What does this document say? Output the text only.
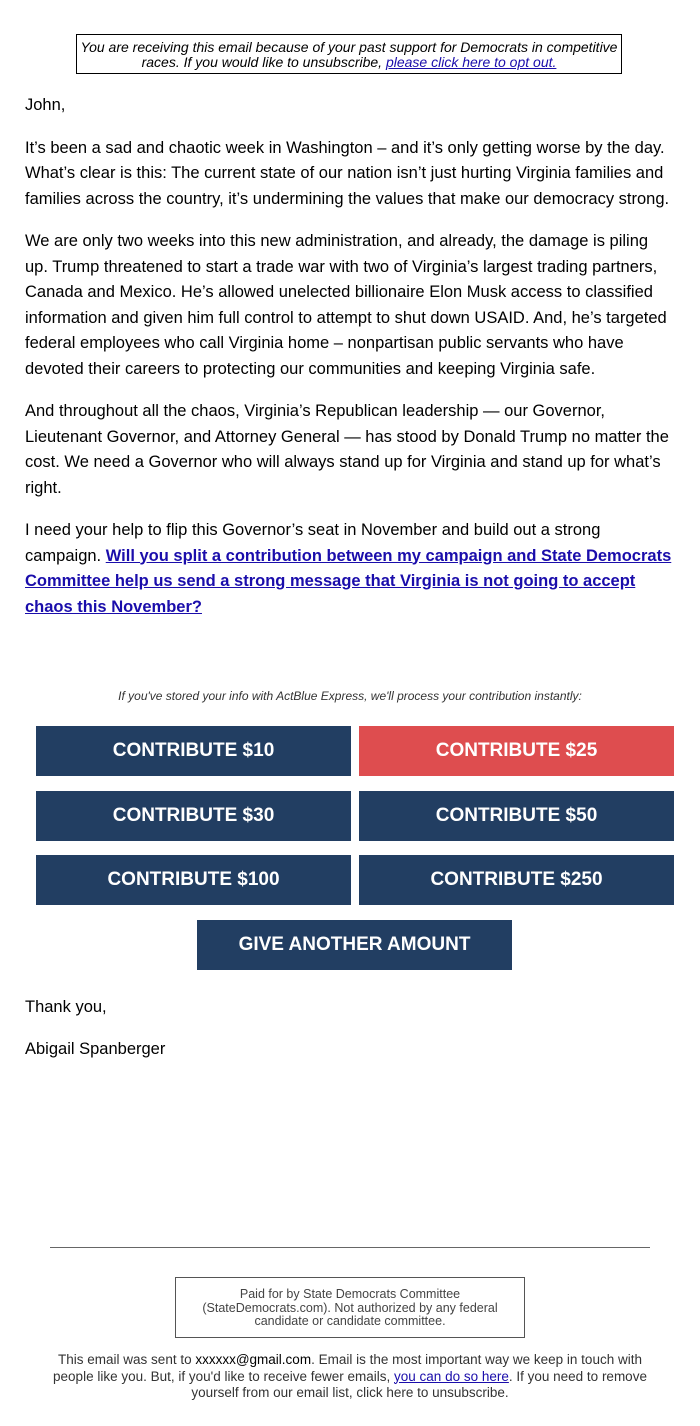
You are receiving this email because of your past support for Democrats in competitive races. If you would like to unsubscribe, please click here to opt out.

John,

It’s been a sad and chaotic week in Washington – and it’s only getting worse by the day. What’s clear is this: The current state of our nation isn’t just hurting Virginia families and families across the country, it’s undermining the values that make our democracy strong.

We are only two weeks into this new administration, and already, the damage is piling up. Trump threatened to start a trade war with two of Virginia’s largest trading partners, Canada and Mexico. He’s allowed unelected billionaire Elon Musk access to classified information and given him full control to attempt to shut down USAID. And, he’s targeted federal employees who call Virginia home – nonpartisan public servants who have devoted their careers to protecting our communities and keeping Virginia safe.

And throughout all the chaos, Virginia’s Republican leadership — our Governor, Lieutenant Governor, and Attorney General — has stood by Donald Trump no matter the cost. We need a Governor who will always stand up for Virginia and stand up for what’s right.

I need your help to flip this Governor’s seat in November and build out a strong campaign. Will you split a contribution between my campaign and State Democrats Committee help us send a strong message that Virginia is not going to accept chaos this November?

If you've stored your info with ActBlue Express, we'll process your contribution instantly:
CONTRIBUTE $10	CONTRIBUTE $25
CONTRIBUTE $30	CONTRIBUTE $50
CONTRIBUTE $100	CONTRIBUTE $250
GIVE ANOTHER AMOUNT
Thank you,
Abigail Spanberger
Paid for by State Democrats Committee (StateDemocrats.com). Not authorized by any federal candidate or candidate committee.
This email was sent to xxxxxx@gmail.com. Email is the most important way we keep in touch with people like you. But, if you'd like to receive fewer emails, you can do so here. If you need to remove yourself from our email list, click here to unsubscribe.
